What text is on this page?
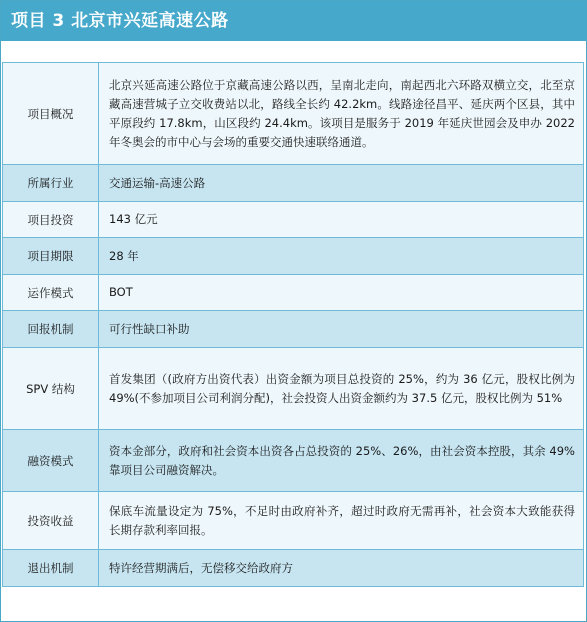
项目 3 北京市兴延高速公路
项目概况	北京兴延高速公路位于京藏高速公路以西，呈南北走向，南起西北六环路双横立交，北至京藏高速营城子立交收费站以北，路线全长约 42.2km。线路途径昌平、延庆两个区县，其中平原段约 17.8km，山区段约 24.4km。该项目是服务于 2019 年延庆世园会及申办 2022 年冬奥会的市中心与会场的重要交通快速联络通道。
所属行业	交通运输-高速公路
项目投资	143 亿元
项目期限	28 年
运作模式	BOT
回报机制	可行性缺口补助
SPV 结构	首发集团（(政府方出资代表）出资金额为项目总投资的 25%，约为 36 亿元，股权比例为 49%(不参加项目公司利润分配)，社会投资人出资金额约为 37.5 亿元，股权比例为 51%
融资模式	资本金部分，政府和社会资本出资各占总投资的 25%、26%，由社会资本控股，其余 49%靠项目公司融资解决。
投资收益	保底车流量设定为 75%，不足时由政府补齐，超过时政府无需再补，社会资本大致能获得长期存款利率回报。
退出机制	特许经营期满后，无偿移交给政府方
